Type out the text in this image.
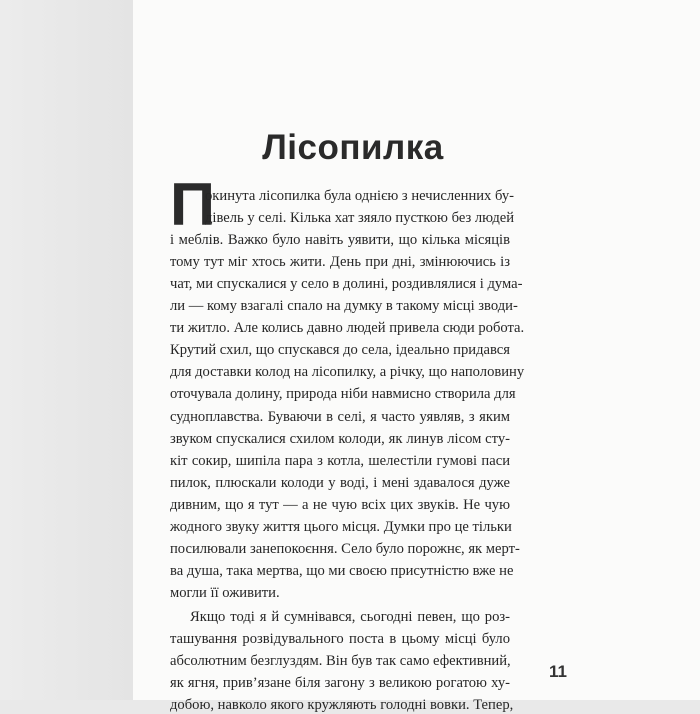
Лісопилка
П
окинута лісопилка була однією з нечисленних бу-
дівель у селі. Кілька хат зяяло пусткою без людей
і меблів. Важко було навіть уявити, що кілька місяців
тому тут міг хтось жити. День при дні, змінюючись із
чат, ми спускалися у село в долині, роздивлялися і дума-
ли — кому взагалі спало на думку в такому місці зводи-
ти житло. Але колись давно людей привела сюди робота.
Крутий схил, що спускався до села, ідеально придався
для доставки колод на лісопилку, а річку, що наполовину
оточувала долину, природа ніби навмисно створила для
судноплавства. Буваючи в селі, я часто уявляв, з яким
звуком спускалися схилом колоди, як линув лісом сту-
кіт сокир, шипіла пара з котла, шелестіли гумові паси
пилок, плюскали колоди у воді, і мені здавалося дуже
дивним, що я тут — а не чую всіх цих звуків. Не чую
жодного звуку життя цього місця. Думки про це тільки
посилювали занепокоєння. Село було порожнє, як мерт-
ва душа, така мертва, що ми своєю присутністю вже не
могли її оживити.
Якщо тоді я й сумнівався, сьогодні певен, що роз-
ташування розвідувального поста в цьому місці було
абсолютним безглуздям. Він був так само ефективний,
як ягня, прив’язане біля загону з великою рогатою ху-
добою, навколо якого кружляють голодні вовки. Тепер,
11
